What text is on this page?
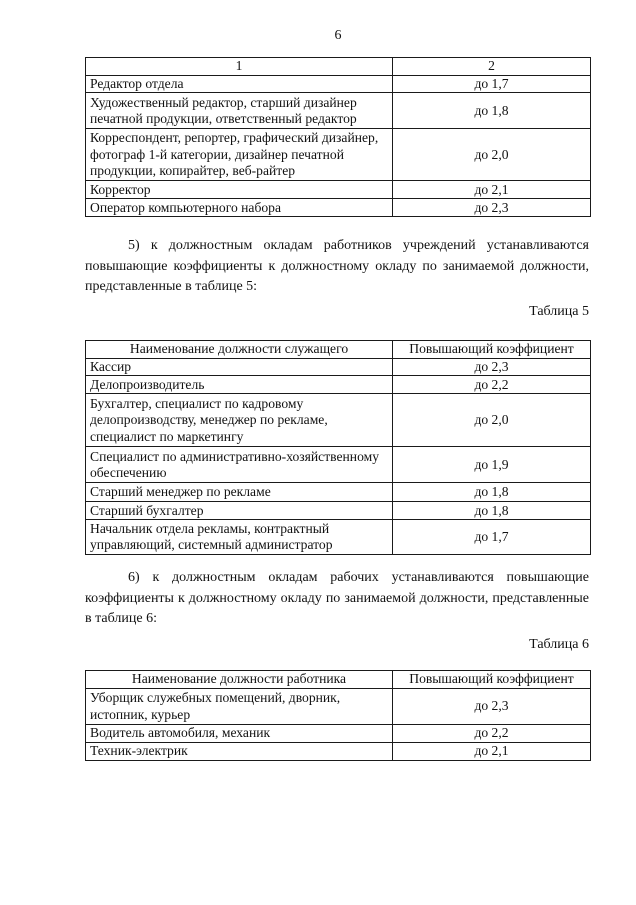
6
1	2
Редактор отдела	до 1,7
Художественный редактор, старший дизайнер печатной продукции, ответственный редактор	до 1,8
Корреспондент, репортер, графический дизайнер, фотограф 1-й категории, дизайнер печатной продукции, копирайтер, веб-райтер	до 2,0
Корректор	до 2,1
Оператор компьютерного набора	до 2,3

5) к должностным окладам работников учреждений устанавливаются повышающие коэффициенты к должностному окладу по занимаемой должности, представленные в таблице 5:

Таблица 5
Наименование должности служащего	Повышающий коэффициент
Кассир	до 2,3
Делопроизводитель	до 2,2
Бухгалтер, специалист по кадровому делопроизводству, менеджер по рекламе, специалист по маркетингу	до 2,0
Специалист по административно-хозяйственному обеспечению	до 1,9
Старший менеджер по рекламе	до 1,8
Старший бухгалтер	до 1,8
Начальник отдела рекламы, контрактный управляющий, системный администратор	до 1,7

6) к должностным окладам рабочих устанавливаются повышающие коэффициенты к должностному окладу по занимаемой должности, представленные в таблице 6:

Таблица 6
Наименование должности работника	Повышающий коэффициент
Уборщик служебных помещений, дворник, истопник, курьер	до 2,3
Водитель автомобиля, механик	до 2,2
Техник-электрик	до 2,1
